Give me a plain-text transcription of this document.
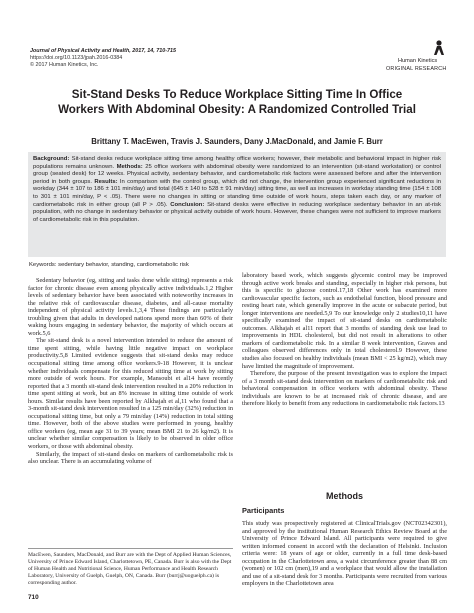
Journal of Physical Activity and Health, 2017, 14, 710-715
https://doi.org/10.1123/jpah.2016-0384
© 2017 Human Kinetics, Inc.
Human Kinetics
ORIGINAL RESEARCH
Sit-Stand Desks To Reduce Workplace Sitting Time In Office
Workers With Abdominal Obesity: A Randomized Controlled Trial
Brittany T. MacEwen, Travis J. Saunders, Dany J.MacDonald, and Jamie F. Burr
Background: Sit-stand desks reduce workplace sitting time among healthy office workers; however, their metabolic and behavioral impact in higher risk populations remains unknown. Methods: 25 office workers with abdominal obesity were randomized to an intervention (sit-stand workstation) or control group (seated desk) for 12 weeks. Physical activity, sedentary behavior, and cardiometabolic risk factors were assessed before and after the intervention period in both groups. Results: In comparison with the control group, which did not change, the intervention group experienced significant reductions in workday (344 ± 107 to 186 ± 101 min/day) and total (645 ± 140 to 528 ± 91 min/day) sitting time, as well as increases in workday standing time (154 ± 108 to 301 ± 101 min/day, P < .05). There were no changes in sitting or standing time outside of work hours, steps taken each day, or any marker of cardiometabolic risk in either group (all P > .05). Conclusion: Sit-stand desks were effective in reducing workplace sedentary behavior in an at-risk population, with no change in sedentary behavior or physical activity outside of work hours. However, these changes were not sufficient to improve markers of cardiometabolic risk in this population.
Keywords: sedentary behavior, standing, cardiometabolic risk

Sedentary behavior (eg, sitting and tasks done while sitting) represents a risk factor for chronic disease even among physically active individuals.1,2 Higher levels of sedentary behavior have been associated with noteworthy increases in the relative risk of cardiovascular disease, diabetes, and all-cause mortality independent of physical activity levels.1,3,4 These findings are particularly troubling given that adults in developed nations spend more than 60% of their waking hours engaging in sedentary behavior, the majority of which occurs at work.5,6

The sit-stand desk is a novel intervention intended to reduce the amount of time spent sitting, while having little negative impact on workplace productivity.5,8 Limited evidence suggests that sit-stand desks may reduce occupational sitting time among office workers.9-18 However, it is unclear whether individuals compensate for this reduced sitting time at work by sitting more outside of work hours. For example, Mansoubi et al14 have recently reported that a 3 month sit-stand desk intervention resulted in a 20% reduction in time spent sitting at work, but an 8% increase in sitting time outside of work hours. Similar results have been reported by Alkhajah et al,11 who found that a 3-month sit-stand desk intervention resulted in a 125 min/day (32%) reduction in occupational sitting time, but only a 79 min/day (14%) reduction in total sitting time. However, both of the above studies were performed in young, healthy office workers (eg, mean age 31 to 39 years; mean BMI 21 to 26 kg/m2). It is unclear whether similar compensation is likely to be observed in older office workers, or those with abdominal obesity.

Similarly, the impact of sit-stand desks on markers of cardiometabolic risk is also unclear. There is an accumulating volume of

MacEwen, Saunders, MacDonald, and Burr are with the Dept of Applied Human Sciences, University of Prince Edward Island, Charlottetown, PE, Canada. Burr is also with the Dept of Human Health and Nutritional Science, Human Performance and Health Research Laboratory, University of Guelph, Guelph, ON, Canada. Burr (burrj@uoguelph.ca) is corresponding author.

laboratory based work, which suggests glycemic control may be improved through active work breaks and standing, especially in higher risk persons, but this is specific to glucose control.17,18 Other work has examined more cardiovascular specific factors, such as endothelial function, blood pressure and resting heart rate, which generally improve in the acute or subacute period, but longer interventions are needed.5,9 To our knowledge only 2 studies10,11 have specifically examined the impact of sit-stand desks on cardiometabolic outcomes. Alkhajah et al11 report that 3 months of standing desk use lead to improvements in HDL cholesterol, but did not result in alterations to other markers of cardiometabolic risk. In a similar 8 week intervention, Graves and colleagues observed differences only in total cholesterol.9 However, these studies also focused on healthy individuals (mean BMI < 25 kg/m2), which may have limited the magnitude of improvement.

Therefore, the purpose of the present investigation was to explore the impact of a 3 month sit-stand desk intervention on markers of cardiometabolic risk and behavioral compensation in office workers with abdominal obesity. These individuals are known to be at increased risk of chronic disease, and are therefore likely to benefit from any reductions in cardiometabolic risk factors.13

Methods
Participants

This study was prospectively registered at ClinicalTrials.gov (NCT02342301), and approved by the institutional Human Research Ethics Review Board at the University of Prince Edward Island. All participants were required to give written informed consent in accord with the declaration of Helsinki. Inclusion criteria were: 18 years of age or older, currently in a full time desk-based occupation in the Charlottetown area, a waist circumference greater than 88 cm (women) or 102 cm (men),19 and a workplace that would allow the installation and use of a sit-stand desk for 3 months. Participants were recruited from various employers in the Charlottetown area

710
